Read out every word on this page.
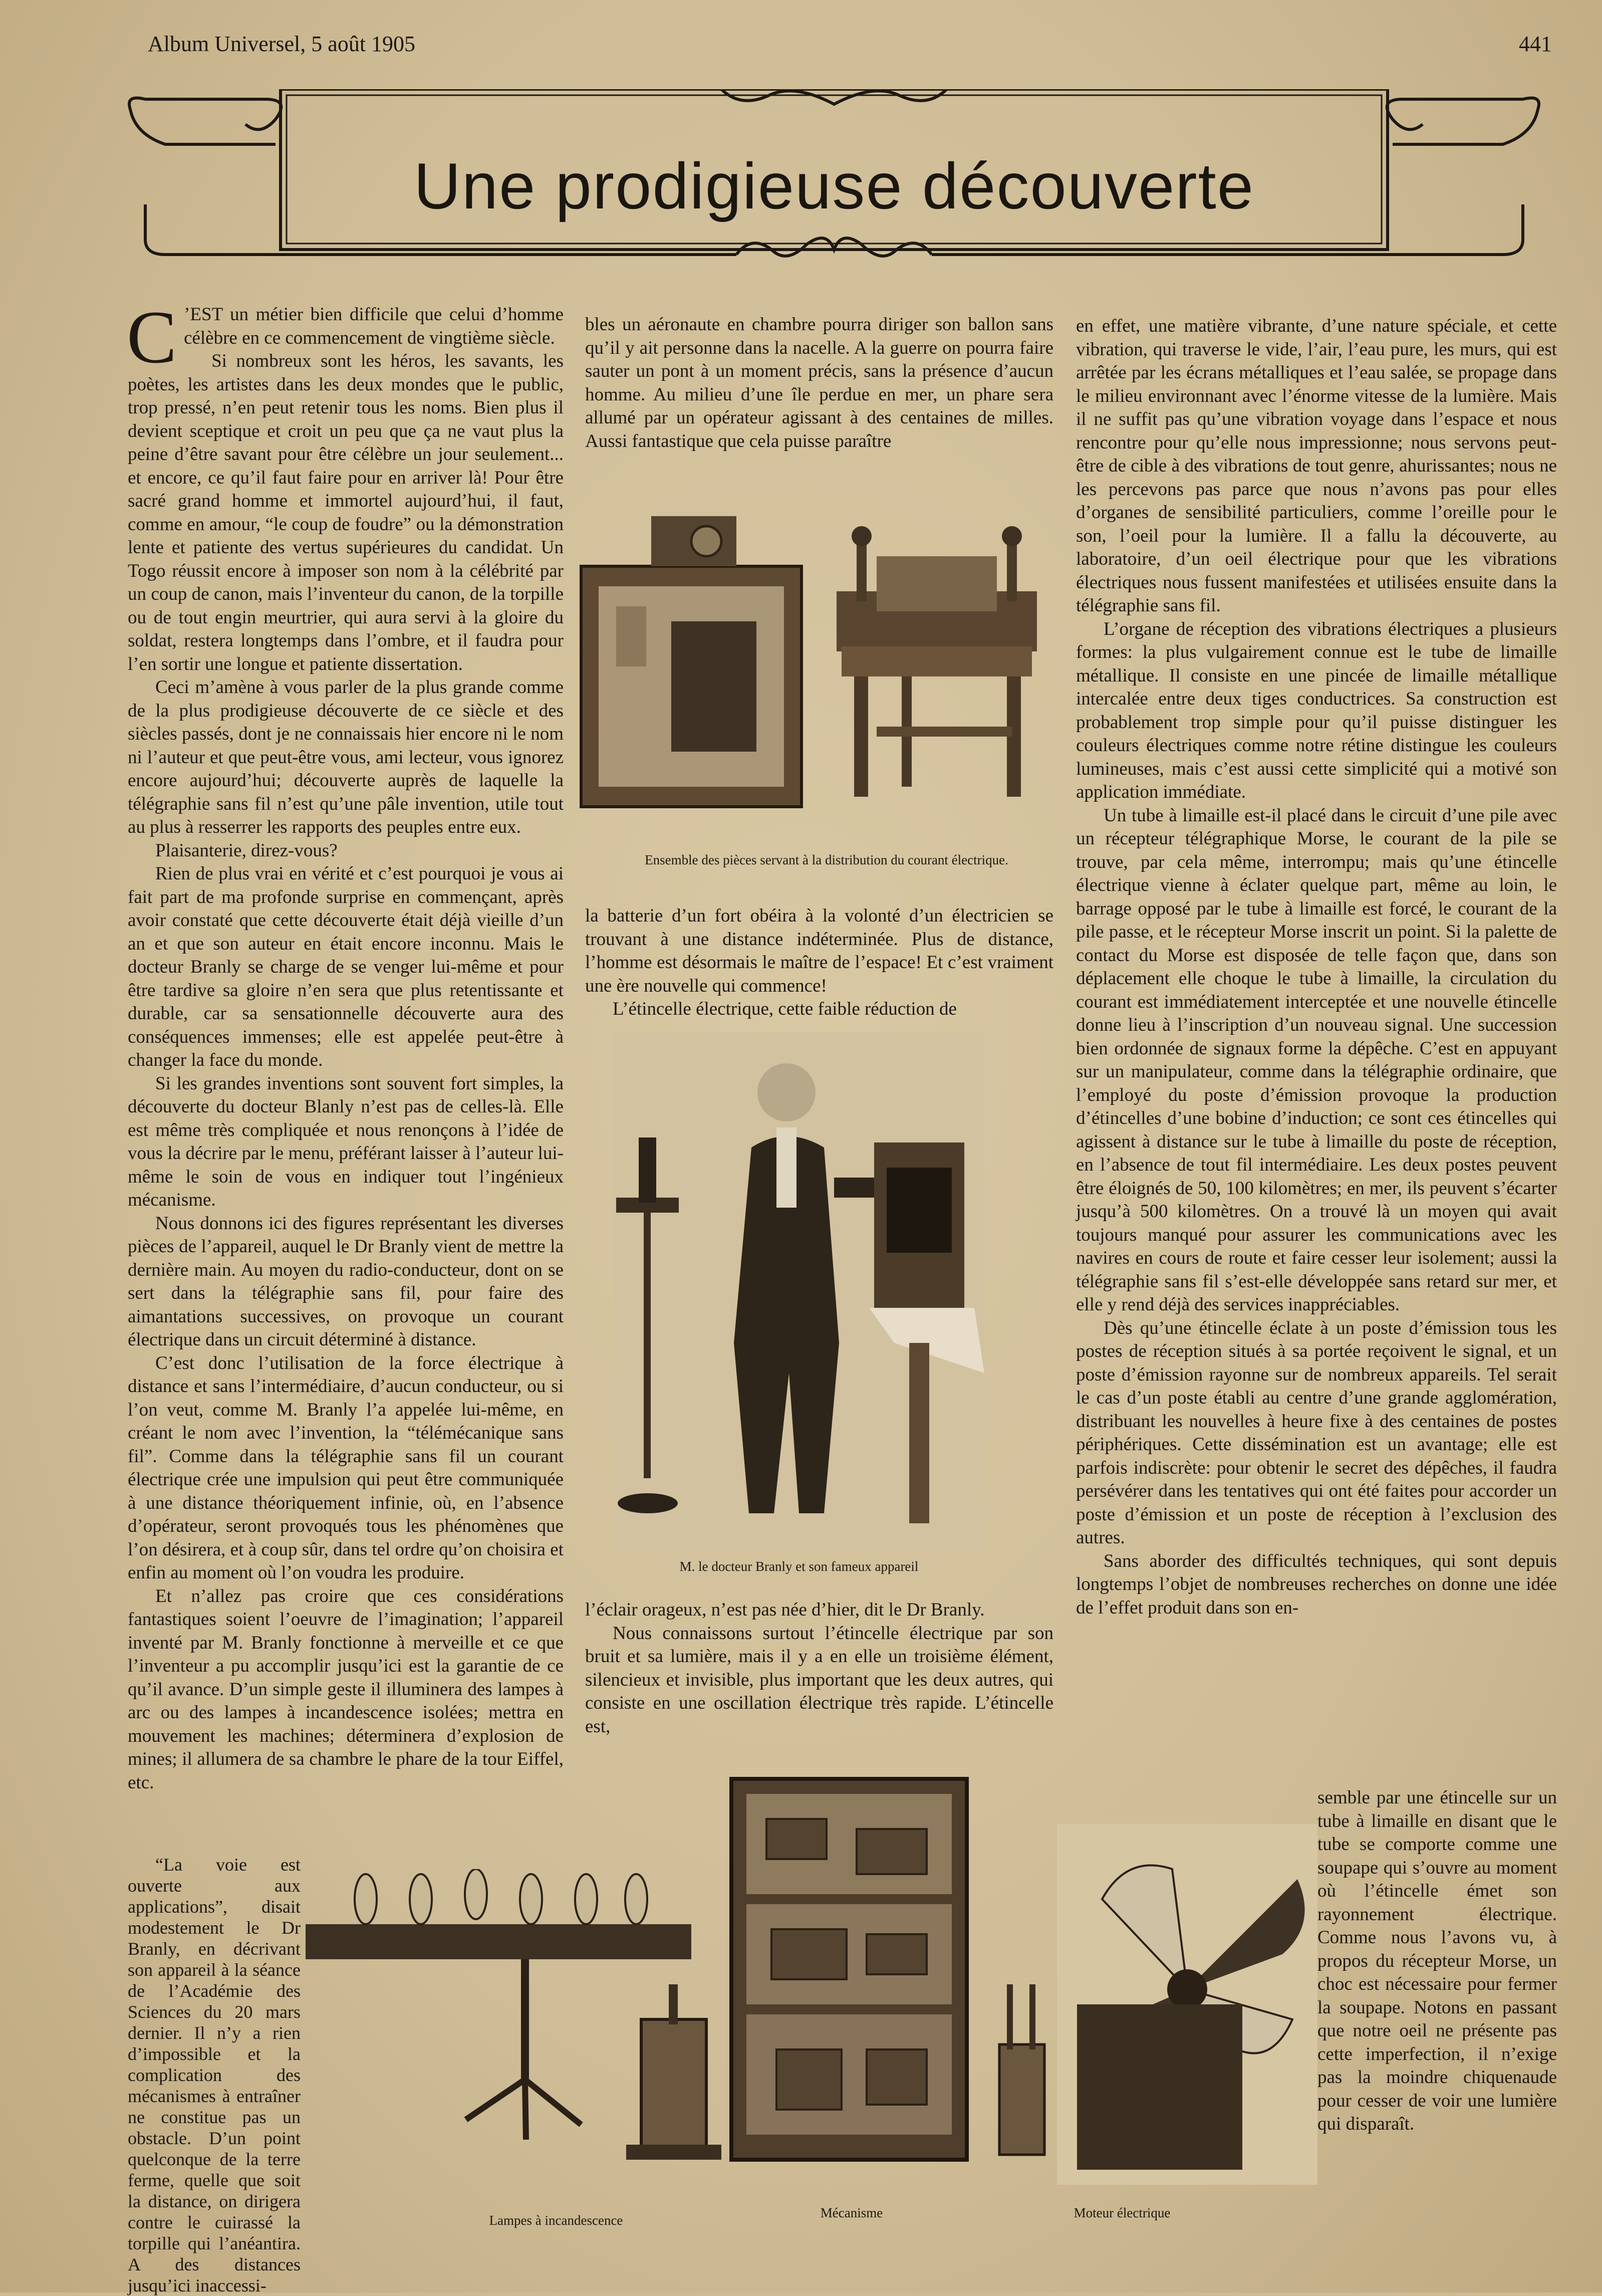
Album Universel, 5 août 1905	441
Une prodigieuse découverte

C ’EST un métier bien difficile que celui d’homme célèbre en ce commencement de vingtième siècle.

Si nombreux sont les héros, les savants, les poètes, les artistes dans les deux mondes que le public, trop pressé, n’en peut retenir tous les noms. Bien plus il devient sceptique et croit un peu que ça ne vaut plus la peine d’être savant pour être célèbre un jour seulement... et encore, ce qu’il faut faire pour en arriver là! Pour être sacré grand homme et immortel aujourd’hui, il faut, comme en amour, “le coup de foudre” ou la démonstration lente et patiente des vertus supérieures du candidat. Un Togo réussit encore à imposer son nom à la célébrité par un coup de canon, mais l’inventeur du canon, de la torpille ou de tout engin meurtrier, qui aura servi à la gloire du soldat, restera longtemps dans l’ombre, et il faudra pour l’en sortir une longue et patiente dissertation.

Ceci m’amène à vous parler de la plus grande comme de la plus prodigieuse découverte de ce siècle et des siècles passés, dont je ne connaissais hier encore ni le nom ni l’auteur et que peut-être vous, ami lecteur, vous ignorez encore aujourd’hui; découverte auprès de laquelle la télégraphie sans fil n’est qu’une pâle invention, utile tout au plus à resserrer les rapports des peuples entre eux.

Plaisanterie, direz-vous?

Rien de plus vrai en vérité et c’est pourquoi je vous ai fait part de ma profonde surprise en commençant, après avoir constaté que cette découverte était déjà vieille d’un an et que son auteur en était encore inconnu. Mais le docteur Branly se charge de se venger lui-même et pour être tardive sa gloire n’en sera que plus retentissante et durable, car sa sensationnelle découverte aura des conséquences immenses; elle est appelée peut-être à changer la face du monde.

Si les grandes inventions sont souvent fort simples, la découverte du docteur Blanly n’est pas de celles-là. Elle est même très compliquée et nous renonçons à l’idée de vous la décrire par le menu, préférant laisser à l’auteur lui-même le soin de vous en indiquer tout l’ingénieux mécanisme.

Nous donnons ici des figures représentant les diverses pièces de l’appareil, auquel le Dr Branly vient de mettre la dernière main. Au moyen du radio-conducteur, dont on se sert dans la télégraphie sans fil, pour faire des aimantations successives, on provoque un courant électrique dans un circuit déterminé à distance.

C’est donc l’utilisation de la force électrique à distance et sans l’intermédiaire, d’aucun conducteur, ou si l’on veut, comme M. Branly l’a appelée lui-même, en créant le nom avec l’invention, la “télémécanique sans fil”. Comme dans la télégraphie sans fil un courant électrique crée une impulsion qui peut être communiquée à une distance théoriquement infinie, où, en l’absence d’opérateur, seront provoqués tous les phénomènes que l’on désirera, et à coup sûr, dans tel ordre qu’on choisira et enfin au moment où l’on voudra les produire.

Et n’allez pas croire que ces considérations fantastiques soient l’oeuvre de l’imagination; l’appareil inventé par M. Branly fonctionne à merveille et ce que l’inventeur a pu accomplir jusqu’ici est la garantie de ce qu’il avance. D’un simple geste il illuminera des lampes à arc ou des lampes à incandescence isolées; mettra en mouvement les machines; déterminera d’explosion de mines; il allumera de sa chambre le phare de la tour Eiffel, etc.

“La voie est ouverte aux applications”, disait modestement le Dr Branly, en décrivant son appareil à la séance de l’Académie des Sciences du 20 mars dernier. Il n’y a rien d’impossible et la complication des mécanismes à entraîner ne constitue pas un obstacle. D’un point quelconque de la terre ferme, quelle que soit la distance, on dirigera contre le cuirassé la torpille qui l’anéantira. A des distances jusqu’ici inaccessi-

bles un aéronaute en chambre pourra diriger son ballon sans qu’il y ait personne dans la nacelle. A la guerre on pourra faire sauter un pont à un moment précis, sans la présence d’aucun homme. Au milieu d’une île perdue en mer, un phare sera allumé par un opérateur agissant à des centaines de milles. Aussi fantastique que cela puisse paraître

Ensemble des pièces servant à la distribution du courant électrique.

la batterie d’un fort obéira à la volonté d’un électricien se trouvant à une distance indéterminée. Plus de distance, l’homme est désormais le maître de l’espace! Et c’est vraiment une ère nouvelle qui commence!

L’étincelle électrique, cette faible réduction de

M. le docteur Branly et son fameux appareil

l’éclair orageux, n’est pas née d’hier, dit le Dr Branly.

Nous connaissons surtout l’étincelle électrique par son bruit et sa lumière, mais il y a en elle un troisième élément, silencieux et invisible, plus important que les deux autres, qui consiste en une oscillation électrique très rapide. L’étincelle est,

en effet, une matière vibrante, d’une nature spéciale, et cette vibration, qui traverse le vide, l’air, l’eau pure, les murs, qui est arrêtée par les écrans métalliques et l’eau salée, se propage dans le milieu environnant avec l’énorme vitesse de la lumière. Mais il ne suffit pas qu’une vibration voyage dans l’espace et nous rencontre pour qu’elle nous impressionne; nous servons peut-être de cible à des vibrations de tout genre, ahurissantes; nous ne les percevons pas parce que nous n’avons pas pour elles d’organes de sensibilité particuliers, comme l’oreille pour le son, l’oeil pour la lumière. Il a fallu la découverte, au laboratoire, d’un oeil électrique pour que les vibrations électriques nous fussent manifestées et utilisées ensuite dans la télégraphie sans fil.

L’organe de réception des vibrations électriques a plusieurs formes: la plus vulgairement connue est le tube de limaille métallique. Il consiste en une pincée de limaille métallique intercalée entre deux tiges conductrices. Sa construction est probablement trop simple pour qu’il puisse distinguer les couleurs électriques comme notre rétine distingue les couleurs lumineuses, mais c’est aussi cette simplicité qui a motivé son application immédiate.

Un tube à limaille est-il placé dans le circuit d’une pile avec un récepteur télégraphique Morse, le courant de la pile se trouve, par cela même, interrompu; mais qu’une étincelle électrique vienne à éclater quelque part, même au loin, le barrage opposé par le tube à limaille est forcé, le courant de la pile passe, et le récepteur Morse inscrit un point. Si la palette de contact du Morse est disposée de telle façon que, dans son déplacement elle choque le tube à limaille, la circulation du courant est immédiatement interceptée et une nouvelle étincelle donne lieu à l’inscription d’un nouveau signal. Une succession bien ordonnée de signaux forme la dépêche. C’est en appuyant sur un manipulateur, comme dans la télégraphie ordinaire, que l’employé du poste d’émission provoque la production d’étincelles d’une bobine d’induction; ce sont ces étincelles qui agissent à distance sur le tube à limaille du poste de réception, en l’absence de tout fil intermédiaire. Les deux postes peuvent être éloignés de 50, 100 kilomètres; en mer, ils peuvent s’écarter jusqu’à 500 kilomètres. On a trouvé là un moyen qui avait toujours manqué pour assurer les communications avec les navires en cours de route et faire cesser leur isolement; aussi la télégraphie sans fil s’est-elle développée sans retard sur mer, et elle y rend déjà des services inappréciables.

Dès qu’une étincelle éclate à un poste d’émission tous les postes de réception situés à sa portée reçoivent le signal, et un poste d’émission rayonne sur de nombreux appareils. Tel serait le cas d’un poste établi au centre d’une grande agglomération, distribuant les nouvelles à heure fixe à des centaines de postes périphériques. Cette dissémination est un avantage; elle est parfois indiscrète: pour obtenir le secret des dépêches, il faudra persévérer dans les tentatives qui ont été faites pour accorder un poste d’émission et un poste de réception à l’exclusion des autres.

Sans aborder des difficultés techniques, qui sont depuis longtemps l’objet de nombreuses recherches on donne une idée de l’effet produit dans son en-

semble par une étincelle sur un tube à limaille en disant que le tube se comporte comme une soupape qui s’ouvre au moment où l’étincelle émet son rayonnement électrique. Comme nous l’avons vu, à propos du récepteur Morse, un choc est nécessaire pour fermer la soupape. Notons en passant que notre oeil ne présente pas cette imperfection, il n’exige pas la moindre chiquenaude pour cesser de voir une lumière qui disparaît.

Lampes à incandescence	Mécanisme	Moteur électrique
